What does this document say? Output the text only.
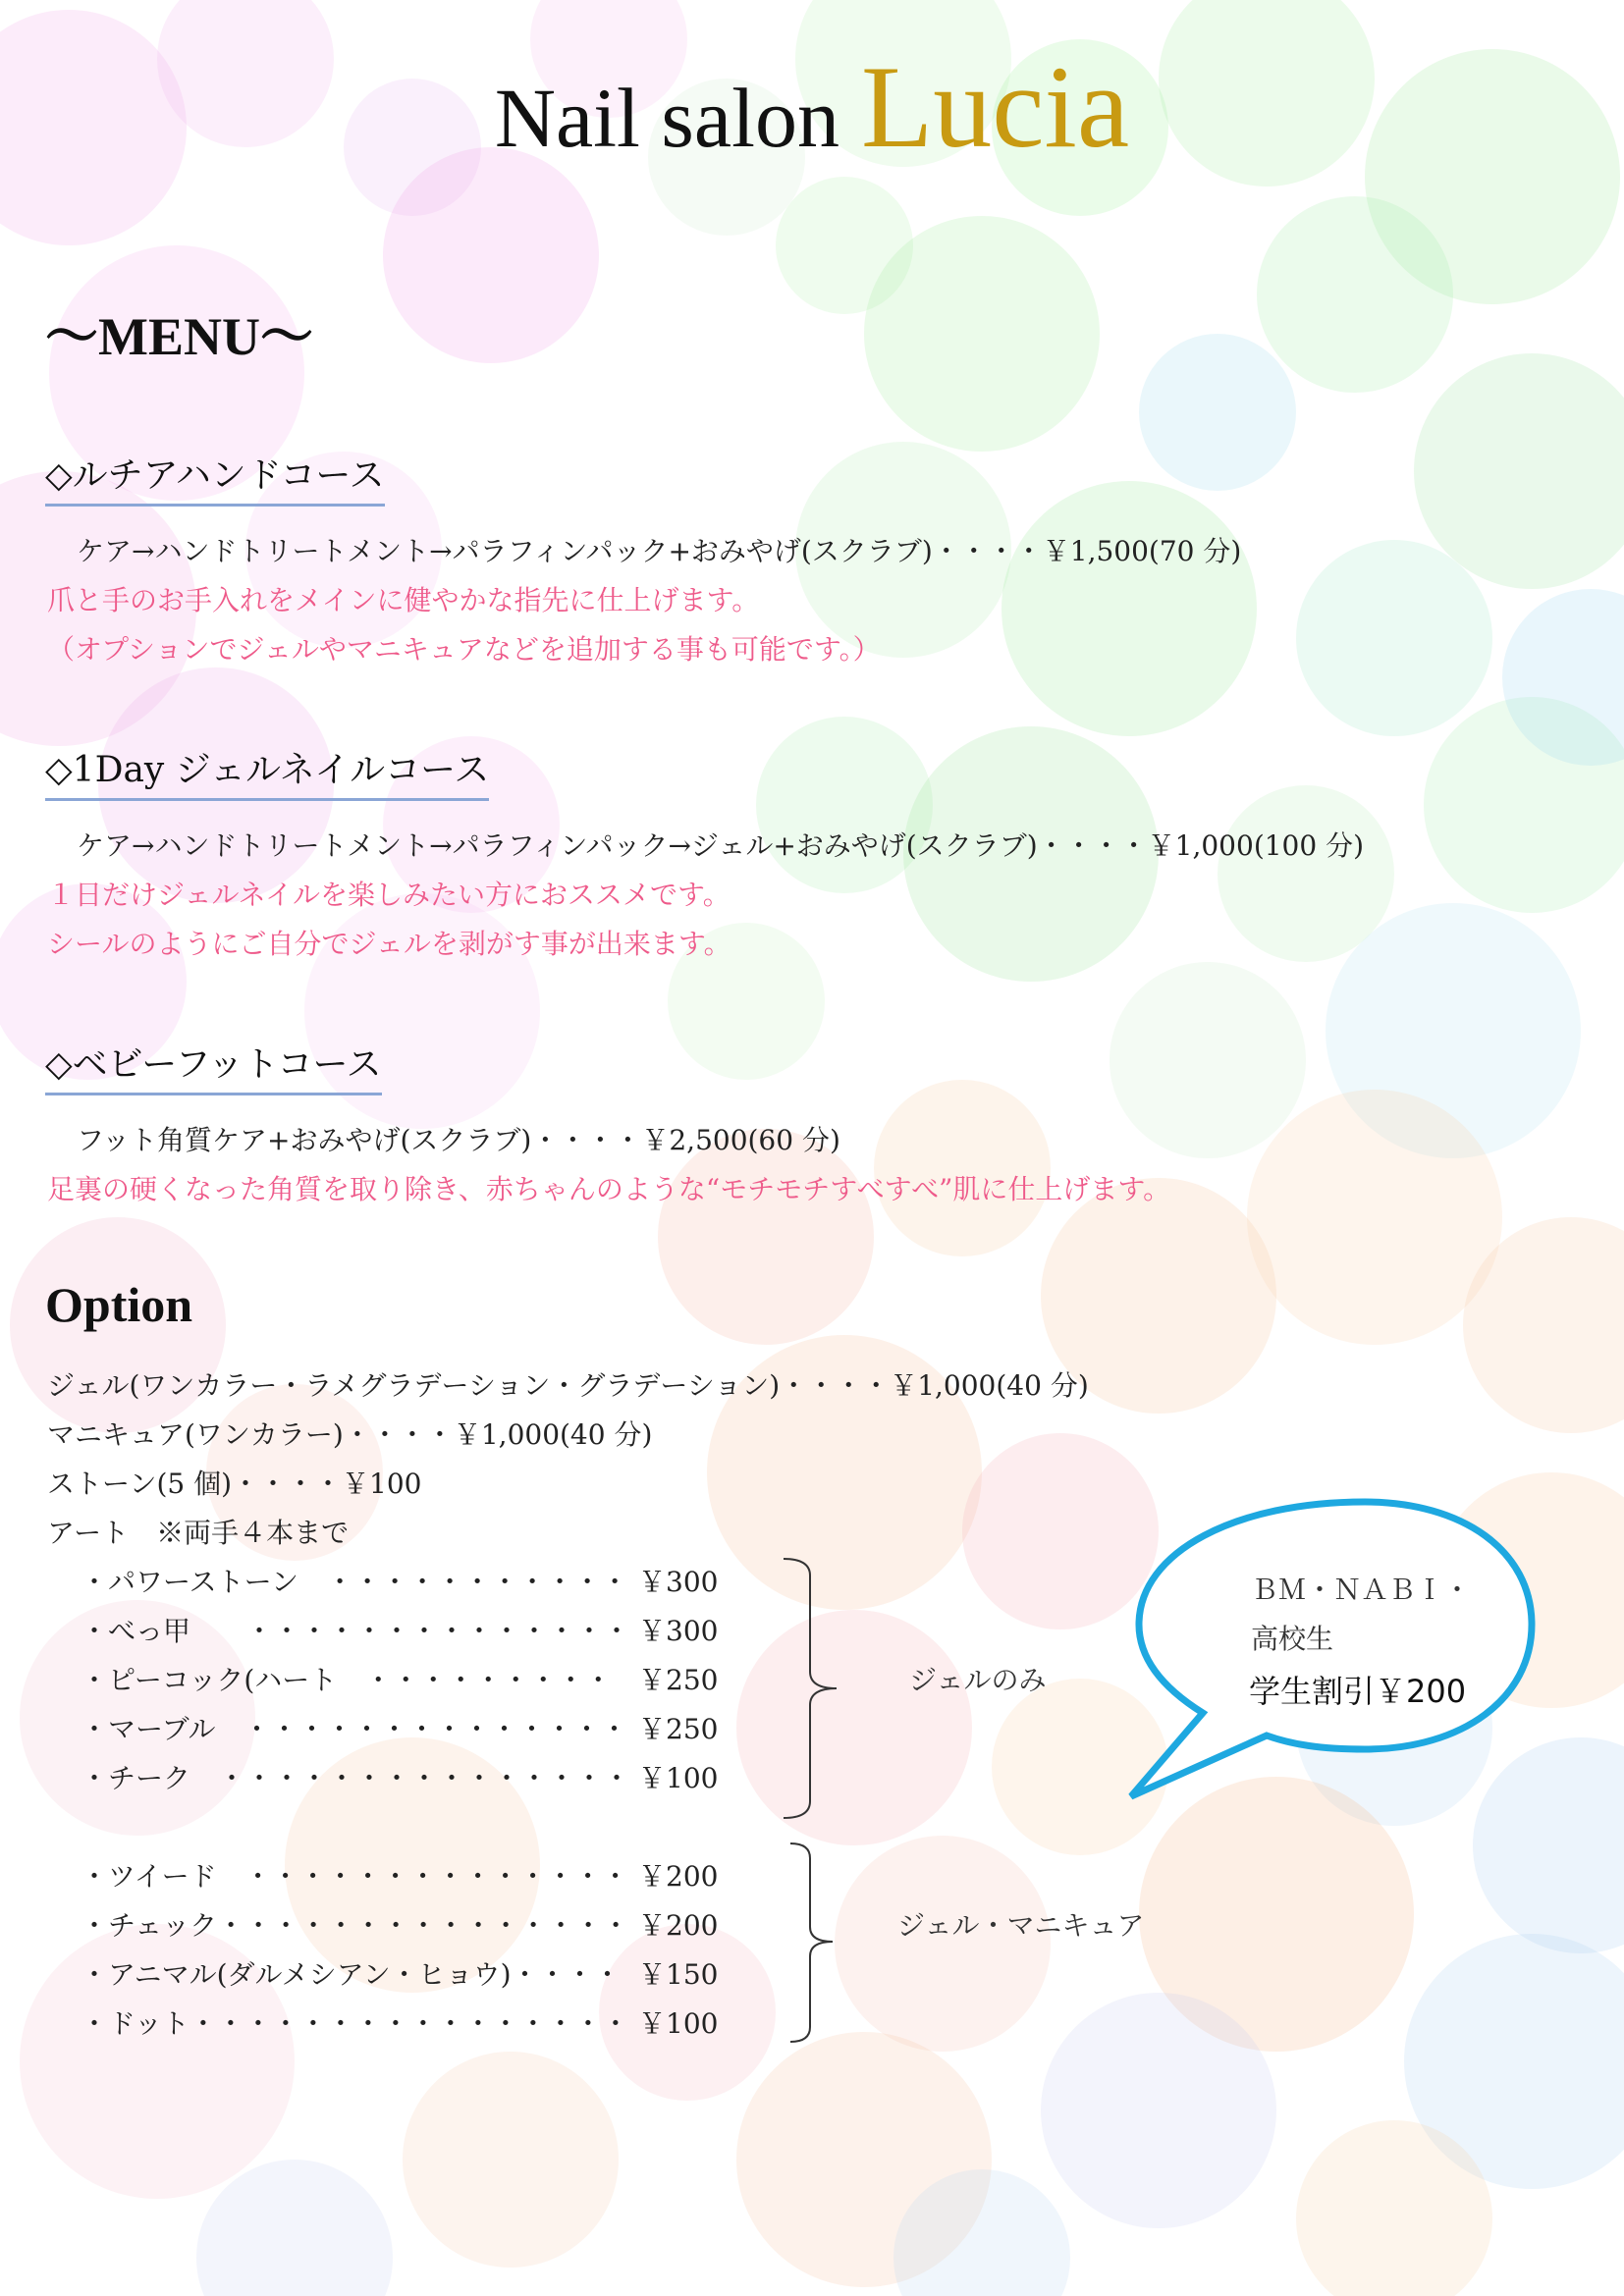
Nail salon Lucia
～MENU～
◇ルチアハンドコース
ケア→ハンドトリートメント→パラフィンパック+おみやげ(スクラブ)・・・・￥1,500(70 分)
爪と手のお手入れをメインに健やかな指先に仕上げます。
（オプションでジェルやマニキュアなどを追加する事も可能です。）
◇1Day ジェルネイルコース
ケア→ハンドトリートメント→パラフィンパック→ジェル+おみやげ(スクラブ)・・・・￥1,000(100 分)
１日だけジェルネイルを楽しみたい方におススメです。
シールのようにご自分でジェルを剥がす事が出来ます。
◇ベビーフットコース
フット角質ケア+おみやげ(スクラブ)・・・・￥2,500(60 分)
足裏の硬くなった角質を取り除き、赤ちゃんのような“モチモチすべすべ”肌に仕上げます。
Option
ジェル(ワンカラー・ラメグラデーション・グラデーション)・・・・￥1,000(40 分)
マニキュア(ワンカラー)・・・・￥1,000(40 分)
ストーン(5 個)・・・・￥100
アート　※両手４本まで
・パワーストーン　 ・・・・・・・・・・・ ￥300
・べっ甲　　 ・・・・・・・・・・・・・・ ￥300
・ピーコック(ハート　 ・・・・・・・・・ ￥250
・マーブル　 ・・・・・・・・・・・・・・ ￥250
・チーク　 ・・・・・・・・・・・・・・・ ￥100
・ツイード　 ・・・・・・・・・・・・・・ ￥200
・チェック・・・・・・・・・・・・・・・ ￥200
・アニマル(ダルメシアン・ヒョウ)・・・・ ￥150
・ドット・・・・・・・・・・・・・・・・ ￥100
ジェルのみ
ジェル・マニキュア
ＢＭ・ＮＡＢＩ・
高校生
学生割引￥200
